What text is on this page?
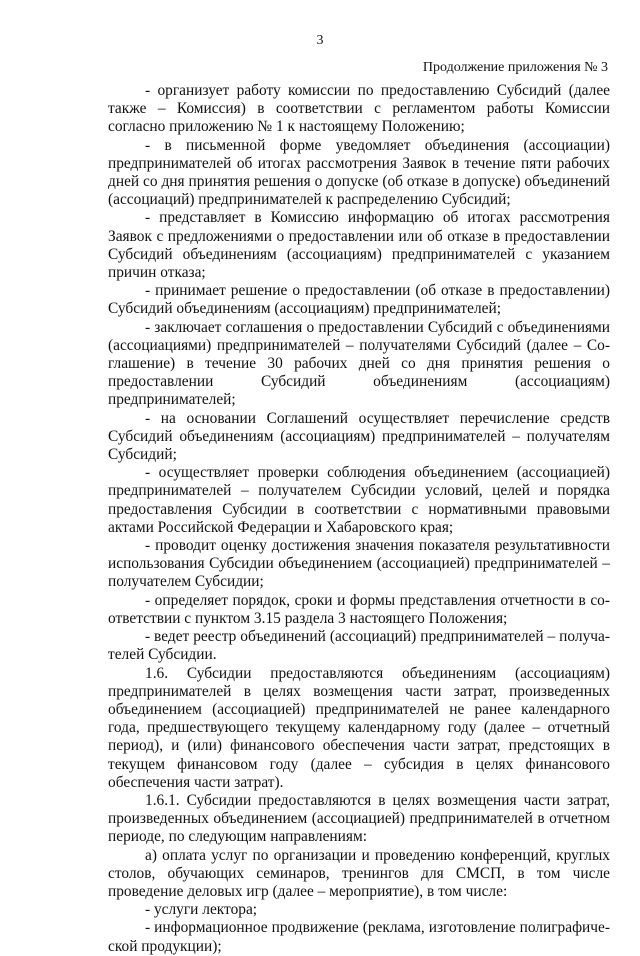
3
Продолжение приложения № 3

- организует работу комиссии по предоставлению Субсидий (далее также – Комиссия) в соответствии с регламентом работы Комиссии согласно приложению № 1 к настоящему Положению;

- в письменной форме уведомляет объединения (ассоциации) предпринимателей об итогах рассмотрения Заявок в течение пяти рабочих дней со дня принятия решения о допуске (об отказе в допуске) объединений (ассоциаций) предпринимателей к распределению Субсидий;

- представляет в Комиссию информацию об итогах рассмотрения Заявок с предложениями о предоставлении или об отказе в предоставлении Субсидий объединениям (ассоциациям) предпринимателей с указанием причин отказа;

- принимает решение о предоставлении (об отказе в предоставлении) Субсидий объединениям (ассоциациям) предпринимателей;

- заключает соглашения о предоставлении Субсидий с объединениями (ассоциациями) предпринимателей – получателями Субсидий (далее – Соглашение) в течение 30 рабочих дней со дня принятия решения о предоставлении Субсидий объединениям (ассоциациям) предпринимателей;

- на основании Соглашений осуществляет перечисление средств Субсидий объединениям (ассоциациям) предпринимателей – получателям Субсидий;

- осуществляет проверки соблюдения объединением (ассоциацией) предпринимателей – получателем Субсидии условий, целей и порядка предоставления Субсидии в соответствии с нормативными правовыми актами Российской Федерации и Хабаровского края;

- проводит оценку достижения значения показателя результативности использования Субсидии объединением (ассоциацией) предпринимателей – получателем Субсидии;

- определяет порядок, сроки и формы представления отчетности в соответствии с пунктом 3.15 раздела 3 настоящего Положения;

- ведет реестр объединений (ассоциаций) предпринимателей – получателей Субсидии.

1.6. Субсидии предоставляются объединениям (ассоциациям) предпринимателей в целях возмещения части затрат, произведенных объединением (ассоциацией) предпринимателей не ранее календарного года, предшествующего текущему календарному году (далее – отчетный период), и (или) финансового обеспечения части затрат, предстоящих в текущем финансовом году (далее – субсидия в целях финансового обеспечения части затрат).

1.6.1. Субсидии предоставляются в целях возмещения части затрат, произведенных объединением (ассоциацией) предпринимателей в отчетном периоде, по следующим направлениям:

а) оплата услуг по организации и проведению конференций, круглых столов, обучающих семинаров, тренингов для СМСП, в том числе проведение деловых игр (далее – мероприятие), в том числе:

- услуги лектора;

- информационное продвижение (реклама, изготовление полиграфической продукции);
